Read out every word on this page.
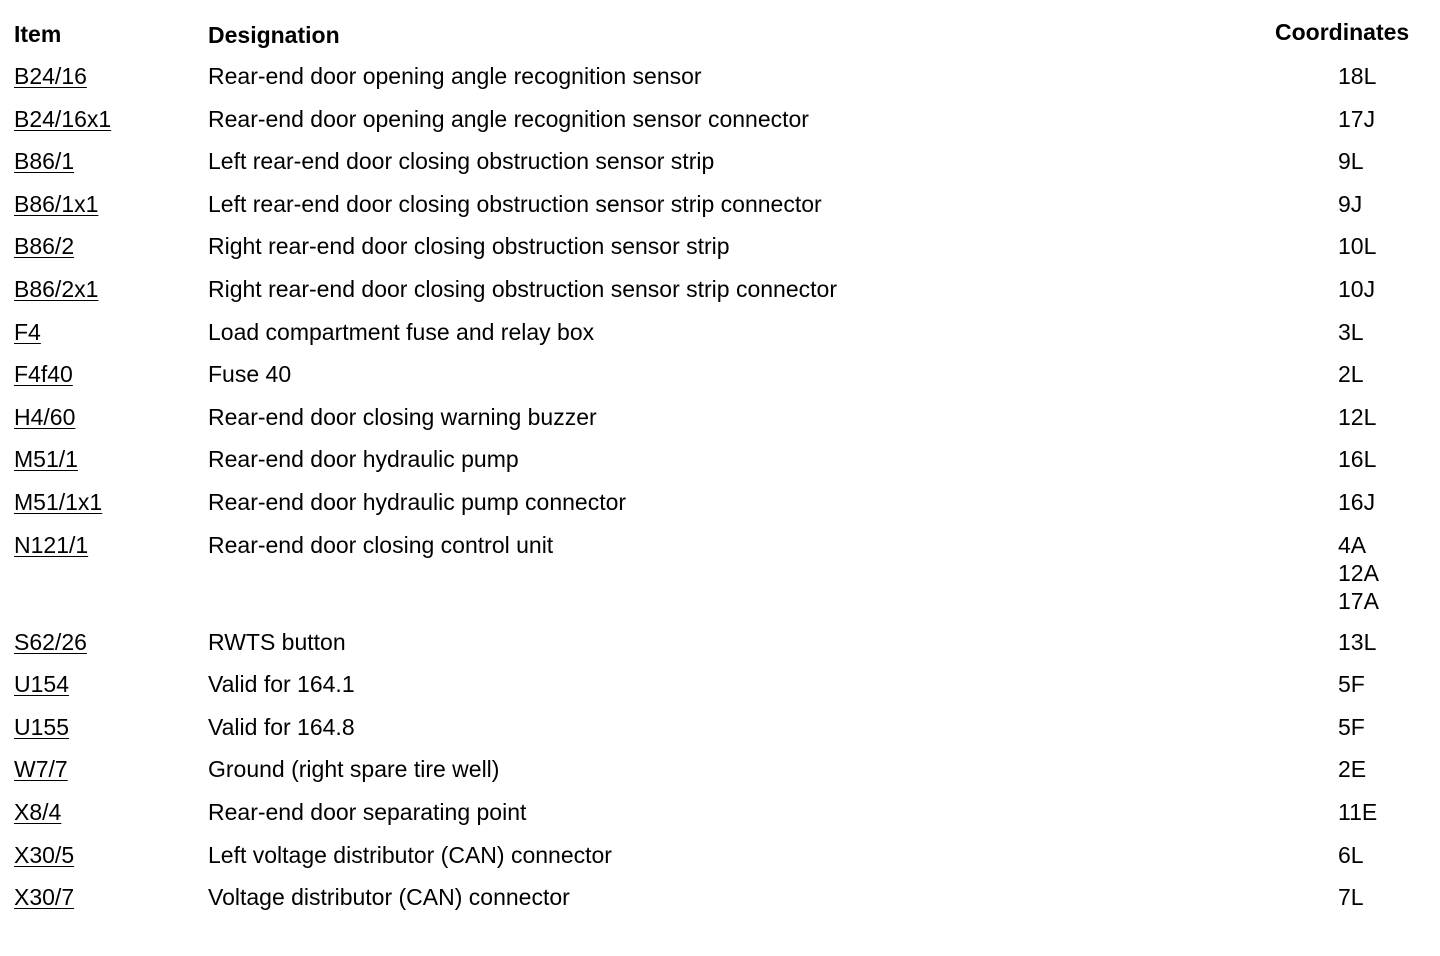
Item	Designation	Coordinates
B24/16	Rear-end door opening angle recognition sensor	18L
B24/16x1	Rear-end door opening angle recognition sensor connector	17J
B86/1	Left rear-end door closing obstruction sensor strip	9L
B86/1x1	Left rear-end door closing obstruction sensor strip connector	9J
B86/2	Right rear-end door closing obstruction sensor strip	10L
B86/2x1	Right rear-end door closing obstruction sensor strip connector	10J
F4	Load compartment fuse and relay box	3L
F4f40	Fuse 40	2L
H4/60	Rear-end door closing warning buzzer	12L
M51/1	Rear-end door hydraulic pump	16L
M51/1x1	Rear-end door hydraulic pump connector	16J
N121/1	Rear-end door closing control unit	4A
12A
17A
S62/26	RWTS button	13L
U154	Valid for 164.1	5F
U155	Valid for 164.8	5F
W7/7	Ground (right spare tire well)	2E
X8/4	Rear-end door separating point	11E
X30/5	Left voltage distributor (CAN) connector	6L
X30/7	Voltage distributor (CAN) connector	7L
